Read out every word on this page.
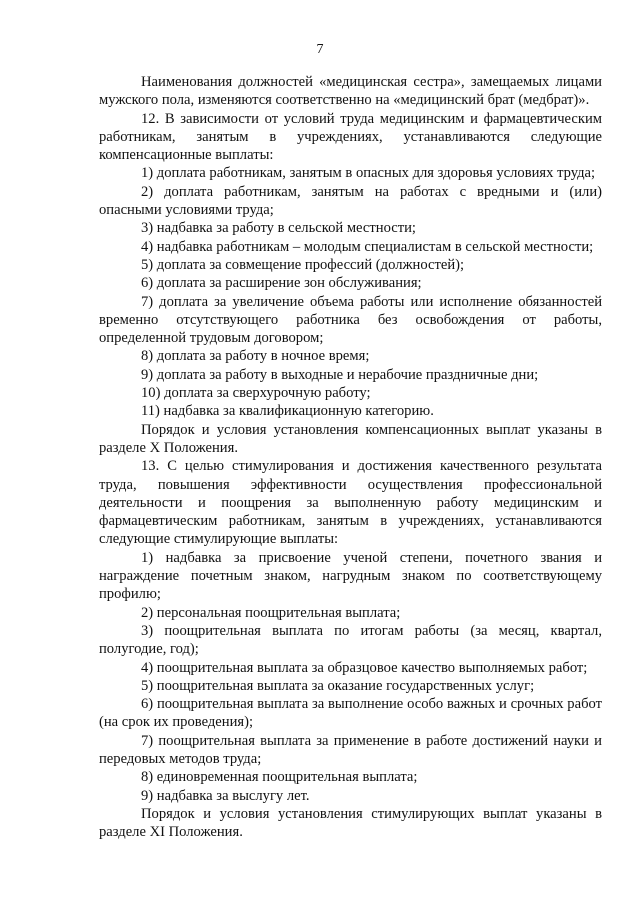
7

Наименования должностей «медицинская сестра», замещаемых лицами мужского пола, изменяются соответственно на «медицинский брат (медбрат)».

12. В зависимости от условий труда медицинским и фармацевтическим работникам, занятым в учреждениях, устанавливаются следующие компенсационные выплаты:

1) доплата работникам, занятым в опасных для здоровья условиях труда;

2) доплата работникам, занятым на работах с вредными и (или) опасными условиями труда;

3) надбавка за работу в сельской местности;

4) надбавка работникам – молодым специалистам в сельской местности;

5) доплата за совмещение профессий (должностей);

6) доплата за расширение зон обслуживания;

7) доплата за увеличение объема работы или исполнение обязанностей временно отсутствующего работника без освобождения от работы, определенной трудовым договором;

8) доплата за работу в ночное время;

9) доплата за работу в выходные и нерабочие праздничные дни;

10) доплата за сверхурочную работу;

11) надбавка за квалификационную категорию.

Порядок и условия установления компенсационных выплат указаны в разделе X Положения.

13. С целью стимулирования и достижения качественного результата труда, повышения эффективности осуществления профессиональной деятельности и поощрения за выполненную работу медицинским и фармацевтическим работникам, занятым в учреждениях, устанавливаются следующие стимулирующие выплаты:

1) надбавка за присвоение ученой степени, почетного звания и награждение почетным знаком, нагрудным знаком по соответствующему профилю;

2) персональная поощрительная выплата;

3) поощрительная выплата по итогам работы (за месяц, квартал, полугодие, год);

4) поощрительная выплата за образцовое качество выполняемых работ;

5) поощрительная выплата за оказание государственных услуг;

6) поощрительная выплата за выполнение особо важных и срочных работ (на срок их проведения);

7) поощрительная выплата за применение в работе достижений науки и передовых методов труда;

8) единовременная поощрительная выплата;

9) надбавка за выслугу лет.

Порядок и условия установления стимулирующих выплат указаны в разделе XI Положения.
